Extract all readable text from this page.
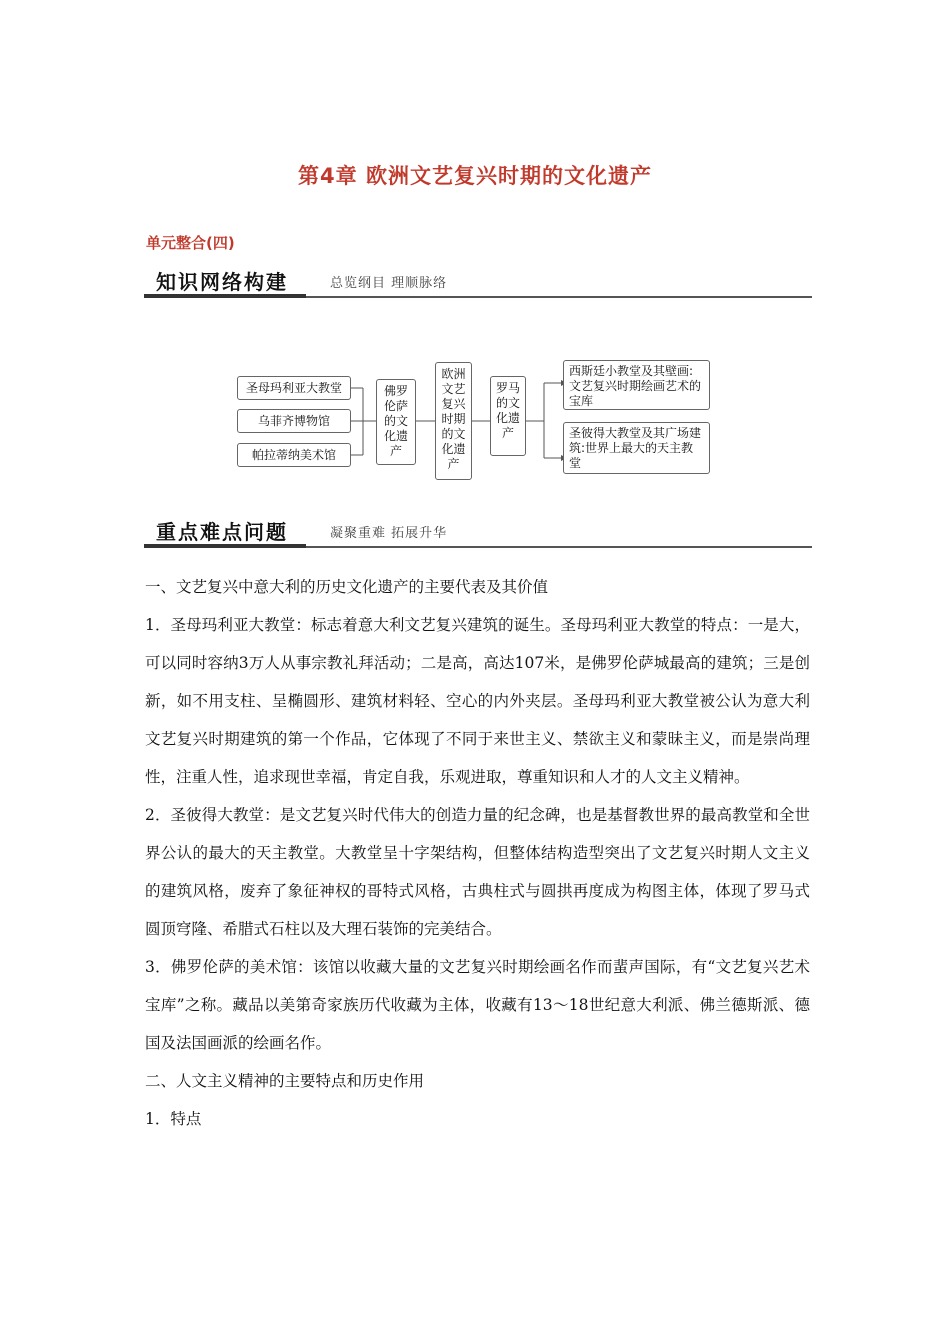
第4章 欧洲文艺复兴时期的文化遗产
单元整合(四)
知识网络构建	总览纲目 理顺脉络
圣母玛利亚大教堂
乌菲齐博物馆
帕拉蒂纳美术馆
佛罗伦萨的文化遗产
欧洲文艺复兴时期的文化遗产
罗马的文化遗产
西斯廷小教堂及其壁画:文艺复兴时期绘画艺术的宝库
圣彼得大教堂及其广场建筑:世界上最大的天主教堂
重点难点问题	凝聚重难 拓展升华

一、文艺复兴中意大利的历史文化遗产的主要代表及其价值

1．圣母玛利亚大教堂：标志着意大利文艺复兴建筑的诞生。圣母玛利亚大教堂的特点：一是大，可以同时容纳3万人从事宗教礼拜活动；二是高，高达107米，是佛罗伦萨城最高的建筑；三是创新，如不用支柱、呈椭圆形、建筑材料轻、空心的内外夹层。圣母玛利亚大教堂被公认为意大利文艺复兴时期建筑的第一个作品，它体现了不同于来世主义、禁欲主义和蒙昧主义，而是崇尚理性，注重人性，追求现世幸福，肯定自我，乐观进取，尊重知识和人才的人文主义精神。

2．圣彼得大教堂：是文艺复兴时代伟大的创造力量的纪念碑，也是基督教世界的最高教堂和全世界公认的最大的天主教堂。大教堂呈十字架结构，但整体结构造型突出了文艺复兴时期人文主义的建筑风格，废弃了象征神权的哥特式风格，古典柱式与圆拱再度成为构图主体，体现了罗马式圆顶穹隆、希腊式石柱以及大理石装饰的完美结合。

3．佛罗伦萨的美术馆：该馆以收藏大量的文艺复兴时期绘画名作而蜚声国际，有“文艺复兴艺术宝库”之称。藏品以美第奇家族历代收藏为主体，收藏有13～18世纪意大利派、佛兰德斯派、德国及法国画派的绘画名作。

二、人文主义精神的主要特点和历史作用

1．特点
